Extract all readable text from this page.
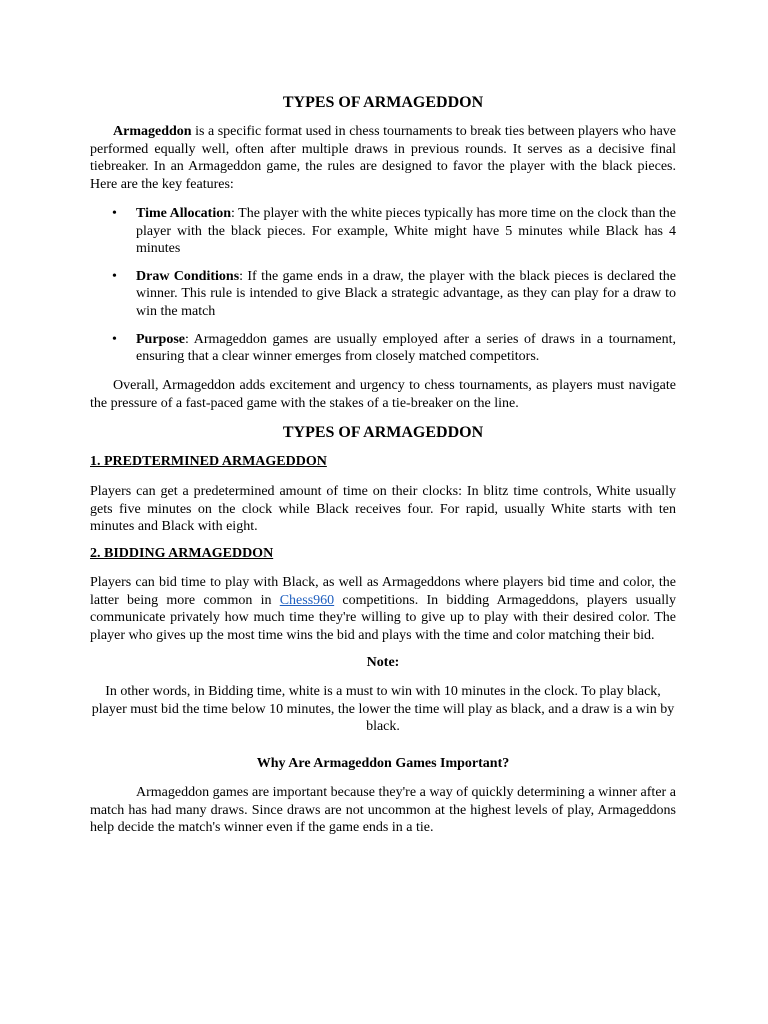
TYPES OF ARMAGEDDON

Armageddon is a specific format used in chess tournaments to break ties between players who have performed equally well, often after multiple draws in previous rounds. It serves as a decisive final tiebreaker. In an Armageddon game, the rules are designed to favor the player with the black pieces. Here are the key features:

• Time Allocation: The player with the white pieces typically has more time on the clock than the player with the black pieces. For example, White might have 5 minutes while Black has 4 minutes
• Draw Conditions: If the game ends in a draw, the player with the black pieces is declared the winner. This rule is intended to give Black a strategic advantage, as they can play for a draw to win the match
• Purpose: Armageddon games are usually employed after a series of draws in a tournament, ensuring that a clear winner emerges from closely matched competitors.

Overall, Armageddon adds excitement and urgency to chess tournaments, as players must navigate the pressure of a fast-paced game with the stakes of a tie-breaker on the line.

TYPES OF ARMAGEDDON

1. PREDTERMINED ARMAGEDDON

Players can get a predetermined amount of time on their clocks: In blitz time controls, White usually gets five minutes on the clock while Black receives four. For rapid, usually White starts with ten minutes and Black with eight.

2. BIDDING ARMAGEDDON

Players can bid time to play with Black, as well as Armageddons where players bid time and color, the latter being more common in Chess960 competitions. In bidding Armageddons, players usually communicate privately how much time they're willing to give up to play with their desired color. The player who gives up the most time wins the bid and plays with the time and color matching their bid.

Note:

In other words, in Bidding time, white is a must to win with 10 minutes in the clock. To play black, player must bid the time below 10 minutes, the lower the time will play as black, and a draw is a win by black.

Why Are Armageddon Games Important?

Armageddon games are important because they're a way of quickly determining a winner after a match has had many draws. Since draws are not uncommon at the highest levels of play, Armageddons help decide the match's winner even if the game ends in a tie.
